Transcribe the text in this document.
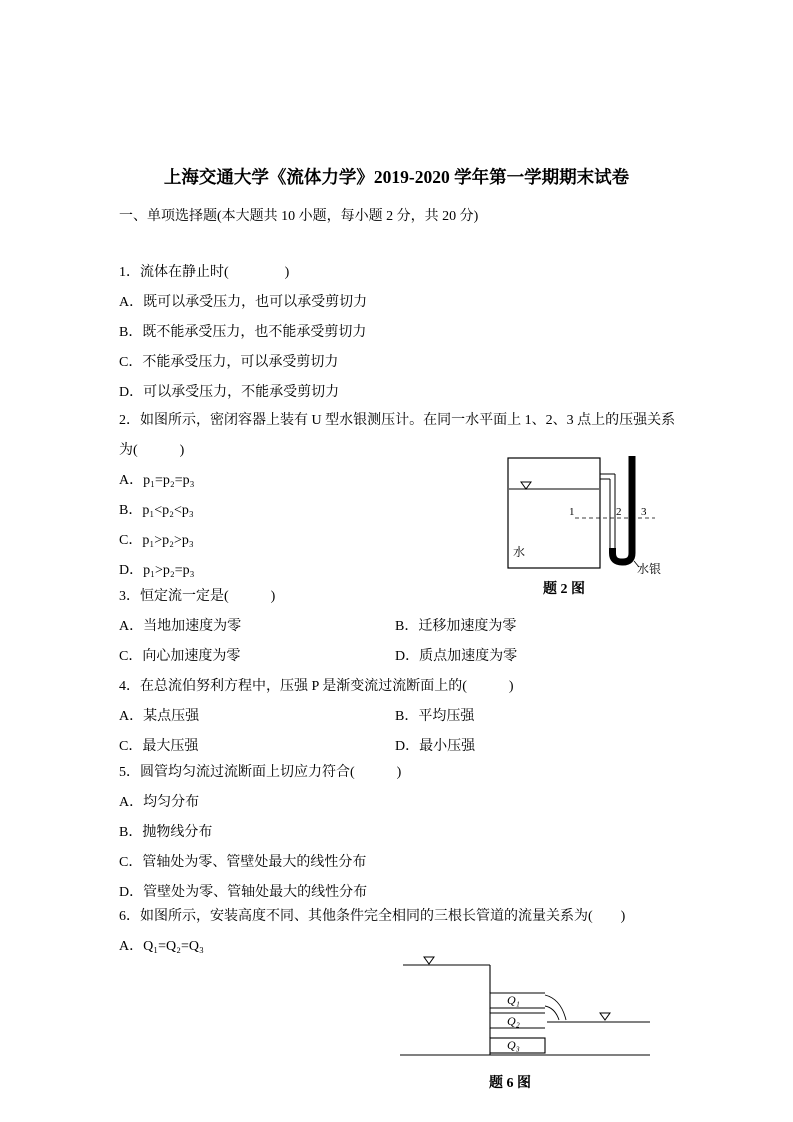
上海交通大学《流体力学》2019-2020 学年第一学期期末试卷
一、单项选择题(本大题共 10 小题，每小题 2 分，共 20 分)
1．流体在静止时(　　　　)
A．既可以承受压力，也可以承受剪切力
B．既不能承受压力，也不能承受剪切力
C．不能承受压力，可以承受剪切力
D．可以承受压力，不能承受剪切力
2．如图所示，密闭容器上装有 U 型水银测压计。在同一水平面上 1、2、3 点上的压强关系
为(　　　)
A．p₁=p₂=p₃
B．p₁<p₂<p₃
C．p₁>p₂>p₃
D．p₁>p₂=p₃
1	2 3
水
水银
题 2 图
3．恒定流一定是(　　　)
A．当地加速度为零	B．迁移加速度为零
C．向心加速度为零	D．质点加速度为零
4．在总流伯努利方程中，压强 P 是渐变流过流断面上的(　　　)
A．某点压强	B．平均压强
C．最大压强	D．最小压强
5．圆管均匀流过流断面上切应力符合(　　　)
A．均匀分布
B．抛物线分布
C．管轴处为零、管壁处最大的线性分布
D．管壁处为零、管轴处最大的线性分布
6．如图所示，安装高度不同、其他条件完全相同的三根长管道的流量关系为(　　)
A．Q₁=Q₂=Q₃
Q₁
Q₂
Q₃
题 6 图
